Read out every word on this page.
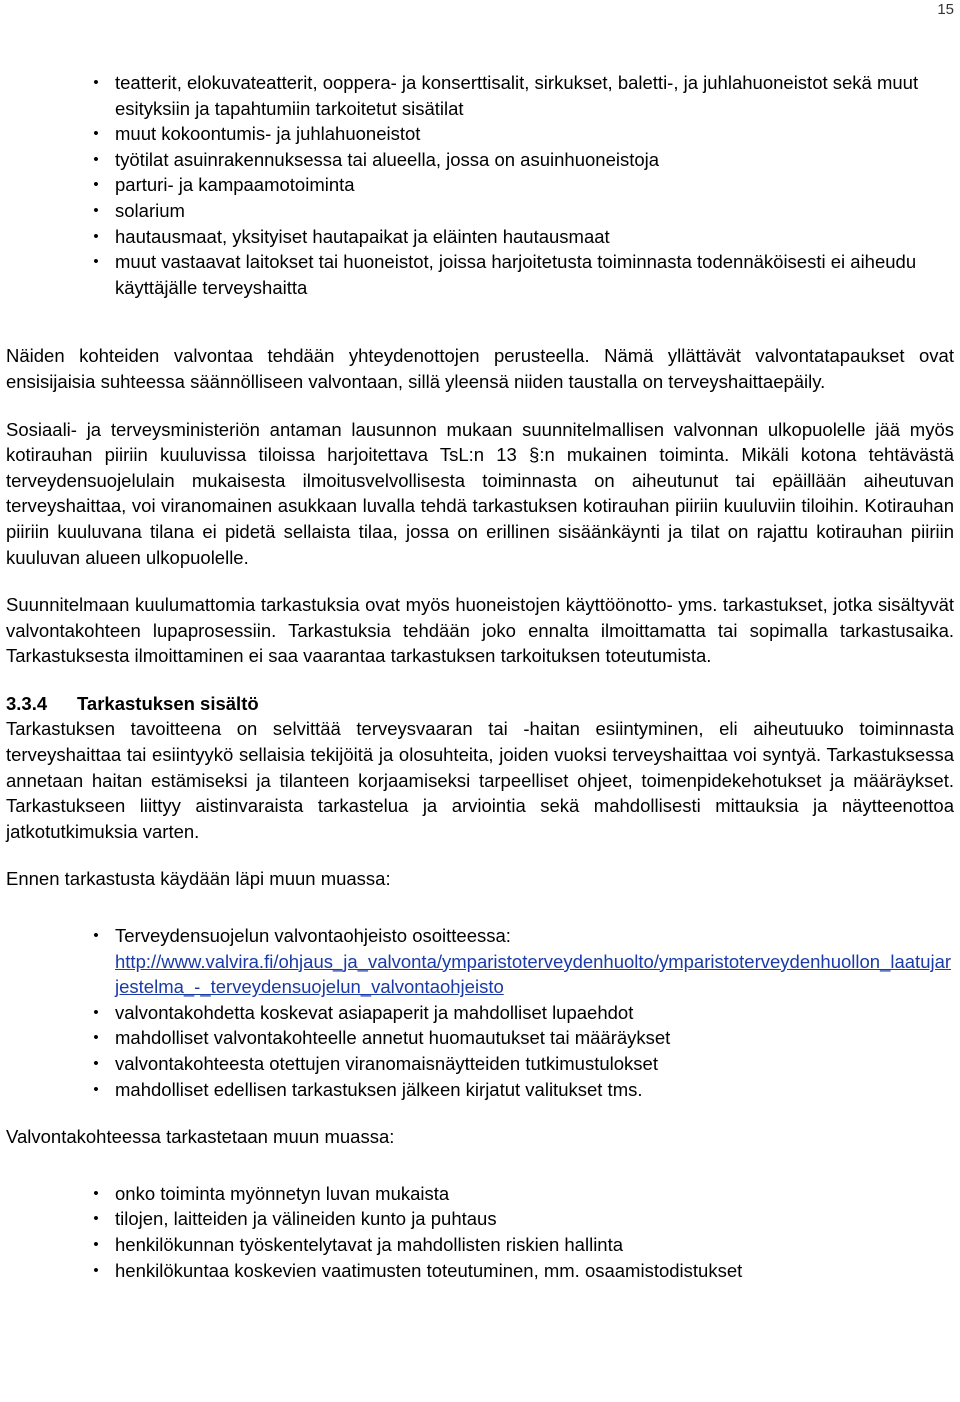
15
• teatterit, elokuvateatterit, ooppera- ja konserttisalit, sirkukset, baletti-, ja juhlahuoneistot sekä muut esityksiin ja tapahtumiin tarkoitetut sisätilat
• muut kokoontumis- ja juhlahuoneistot
• työtilat asuinrakennuksessa tai alueella, jossa on asuinhuoneistoja
• parturi- ja kampaamotoiminta
• solarium
• hautausmaat, yksityiset hautapaikat ja eläinten hautausmaat
• muut vastaavat laitokset tai huoneistot, joissa harjoitetusta toiminnasta todennäköisesti ei aiheudu käyttäjälle terveyshaitta

Näiden kohteiden valvontaa tehdään yhteydenottojen perusteella. Nämä yllättävät valvontatapaukset ovat ensisijaisia suhteessa säännölliseen valvontaan, sillä yleensä niiden taustalla on terveyshaittaepäily.

Sosiaali- ja terveysministeriön antaman lausunnon mukaan suunnitelmallisen valvonnan ulkopuolelle jää myös kotirauhan piiriin kuuluvissa tiloissa harjoitettava TsL:n 13 §:n mukainen toiminta. Mikäli kotona tehtävästä terveydensuojelulain mukaisesta ilmoitusvelvollisesta toiminnasta on aiheutunut tai epäillään aiheutuvan terveyshaittaa, voi viranomainen asukkaan luvalla tehdä tarkastuksen kotirauhan piiriin kuuluviin tiloihin. Kotirauhan piiriin kuuluvana tilana ei pidetä sellaista tilaa, jossa on erillinen sisäänkäynti ja tilat on rajattu kotirauhan piiriin kuuluvan alueen ulkopuolelle.

Suunnitelmaan kuulumattomia tarkastuksia ovat myös huoneistojen käyttöönotto- yms. tarkastukset, jotka sisältyvät valvontakohteen lupaprosessiin. Tarkastuksia tehdään joko ennalta ilmoittamatta tai sopimalla tarkastusaika. Tarkastuksesta ilmoittaminen ei saa vaarantaa tarkastuksen tarkoituksen toteutumista.

3.3.4	Tarkastuksen sisältö

Tarkastuksen tavoitteena on selvittää terveysvaaran tai -haitan esiintyminen, eli aiheutuuko toiminnasta terveyshaittaa tai esiintyykö sellaisia tekijöitä ja olosuhteita, joiden vuoksi terveyshaittaa voi syntyä. Tarkastuksessa annetaan haitan estämiseksi ja tilanteen korjaamiseksi tarpeelliset ohjeet, toimenpidekehotukset ja määräykset. Tarkastukseen liittyy aistinvaraista tarkastelua ja arviointia sekä mahdollisesti mittauksia ja näytteenottoa jatkotutkimuksia varten.

Ennen tarkastusta käydään läpi muun muassa:

• Terveydensuojelun valvontaohjeisto osoitteessa:
http://www.valvira.fi/ohjaus_ja_valvonta/ymparistoterveydenhuolto/ymparistoterveydenhuollon_laatujarjestelma_-_terveydensuojelun_valvontaohjeisto
• valvontakohdetta koskevat asiapaperit ja mahdolliset lupaehdot
• mahdolliset valvontakohteelle annetut huomautukset tai määräykset
• valvontakohteesta otettujen viranomaisnäytteiden tutkimustulokset
• mahdolliset edellisen tarkastuksen jälkeen kirjatut valitukset tms.

Valvontakohteessa tarkastetaan muun muassa:

• onko toiminta myönnetyn luvan mukaista
• tilojen, laitteiden ja välineiden kunto ja puhtaus
• henkilökunnan työskentelytavat ja mahdollisten riskien hallinta
• henkilökuntaa koskevien vaatimusten toteutuminen, mm. osaamistodistukset
